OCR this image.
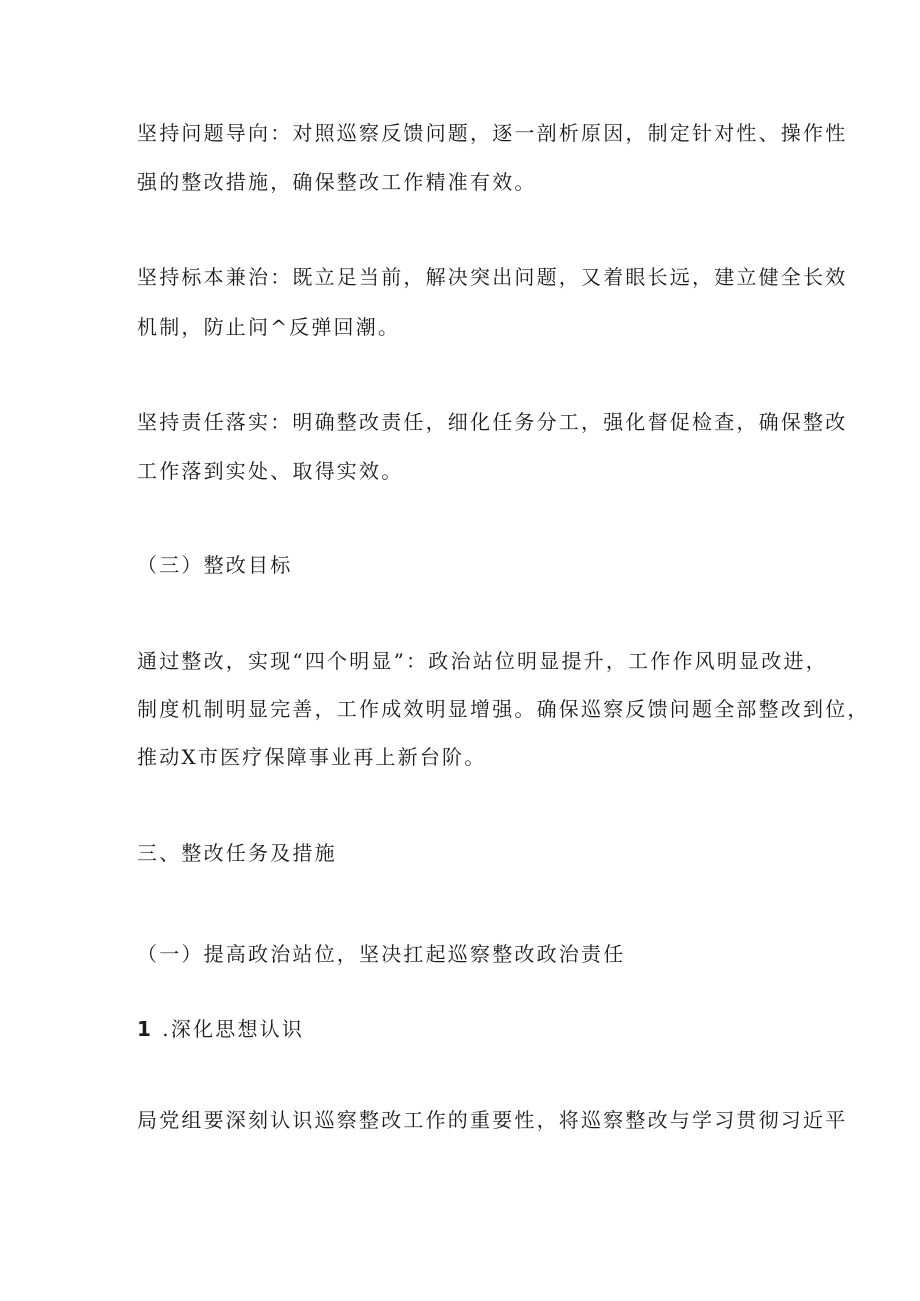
坚持问题导向：对照巡察反馈问题，逐一剖析原因，制定针对性、操作性
强的整改措施，确保整改工作精准有效。
坚持标本兼治：既立足当前，解决突出问题，又着眼长远，建立健全长效
机制，防止问^反弹回潮。
坚持责任落实：明确整改责任，细化任务分工，强化督促检查，确保整改
工作落到实处、取得实效。
（三）整改目标
通过整改，实现“四个明显”：政治站位明显提升，工作作风明显改进，
制度机制明显完善，工作成效明显增强。确保巡察反馈问题全部整改到位，
推动X市医疗保障事业再上新台阶。
三、整改任务及措施
（一）提高政治站位，坚决扛起巡察整改政治责任
1 .深化思想认识
局党组要深刻认识巡察整改工作的重要性，将巡察整改与学习贯彻习近平
